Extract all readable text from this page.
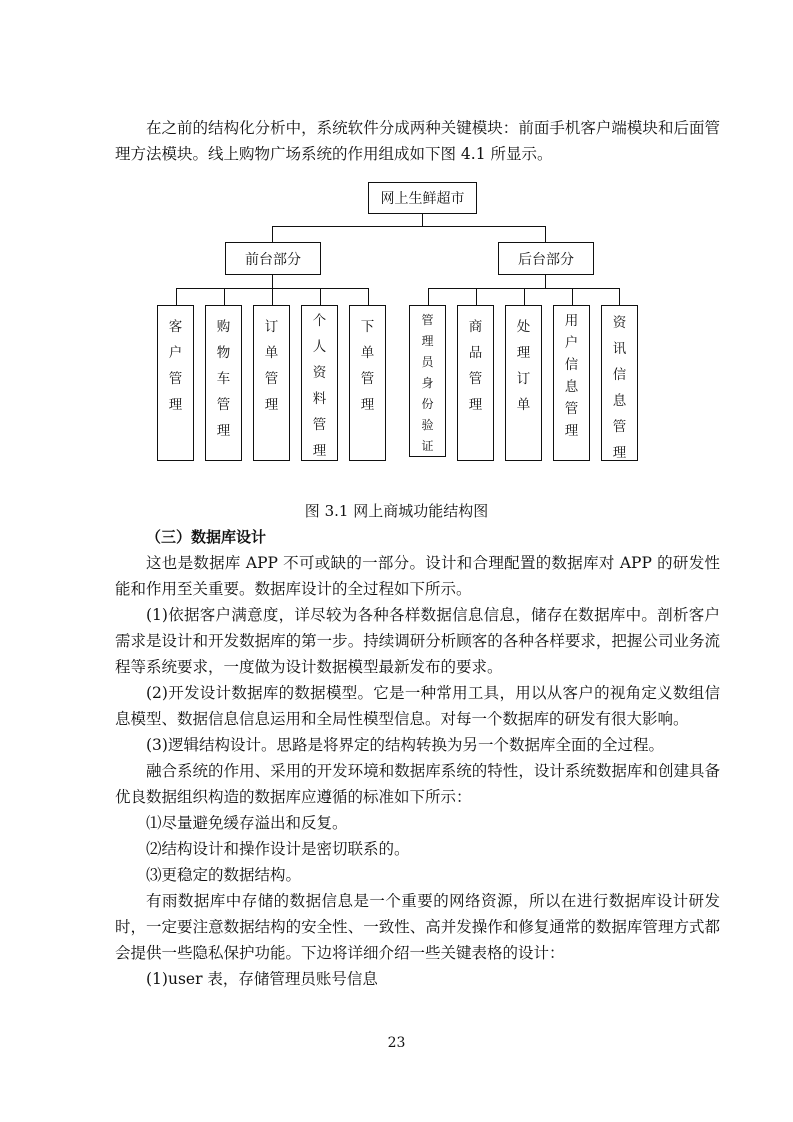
在之前的结构化分析中，系统软件分成两种关键模块：前面手机客户端模块和后面管理方法模块。线上购物广场系统的作用组成如下图 4.1 所显示。

网上生鲜超市
前台部分	后台部分
客户管理
购物车管理
订单管理
个人资料管理
下单管理
管理员身份验证
商品管理
处理订单
用户信息管理
资讯信息管理
图 3.1 网上商城功能结构图
（三）数据库设计

这也是数据库 APP 不可或缺的一部分。设计和合理配置的数据库对 APP 的研发性能和作用至关重要。数据库设计的全过程如下所示。

(1)依据客户满意度，详尽较为各种各样数据信息信息，储存在数据库中。剖析客户需求是设计和开发数据库的第一步。持续调研分析顾客的各种各样要求，把握公司业务流程等系统要求，一度做为设计数据模型最新发布的要求。

(2)开发设计数据库的数据模型。它是一种常用工具，用以从客户的视角定义数组信息模型、数据信息信息运用和全局性模型信息。对每一个数据库的研发有很大影响。

(3)逻辑结构设计。思路是将界定的结构转换为另一个数据库全面的全过程。

融合系统的作用、采用的开发环境和数据库系统的特性，设计系统数据库和创建具备优良数据组织构造的数据库应遵循的标准如下所示：

⑴尽量避免缓存溢出和反复。
⑵结构设计和操作设计是密切联系的。
⑶更稳定的数据结构。

有雨数据库中存储的数据信息是一个重要的网络资源，所以在进行数据库设计研发时，一定要注意数据结构的安全性、一致性、高并发操作和修复通常的数据库管理方式都会提供一些隐私保护功能。下边将详细介绍一些关键表格的设计：

(1)user 表，存储管理员账号信息

23
